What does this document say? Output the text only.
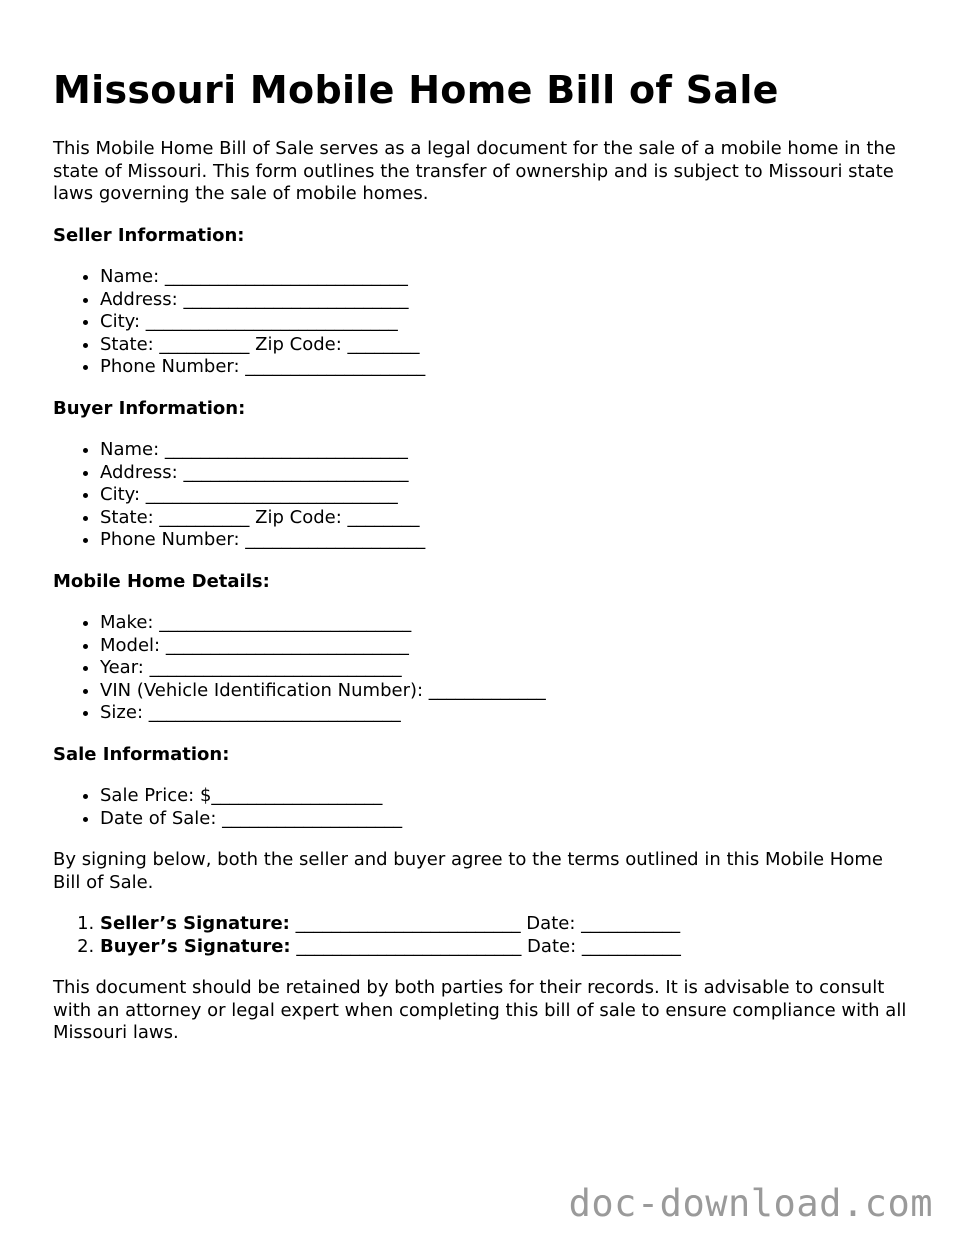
Missouri Mobile Home Bill of Sale

This Mobile Home Bill of Sale serves as a legal document for the sale of a mobile home in the state of Missouri. This form outlines the transfer of ownership and is subject to Missouri state laws governing the sale of mobile homes.

Seller Information:
• Name: ___________________________
• Address: _________________________
• City: ____________________________
• State: __________ Zip Code: ________
• Phone Number: ____________________
Buyer Information:
• Name: ___________________________
• Address: _________________________
• City: ____________________________
• State: __________ Zip Code: ________
• Phone Number: ____________________
Mobile Home Details:
• Make: ____________________________
• Model: ___________________________
• Year: ____________________________
• VIN (Vehicle Identification Number): _____________
• Size: ____________________________
Sale Information:
• Sale Price: $___________________
• Date of Sale: ____________________

By signing below, both the seller and buyer agree to the terms outlined in this Mobile Home Bill of Sale.

1. Seller’s Signature: _________________________ Date: ___________
2. Buyer’s Signature: _________________________ Date: ___________

This document should be retained by both parties for their records. It is advisable to consult with an attorney or legal expert when completing this bill of sale to ensure compliance with all Missouri laws.

doc-download.com
